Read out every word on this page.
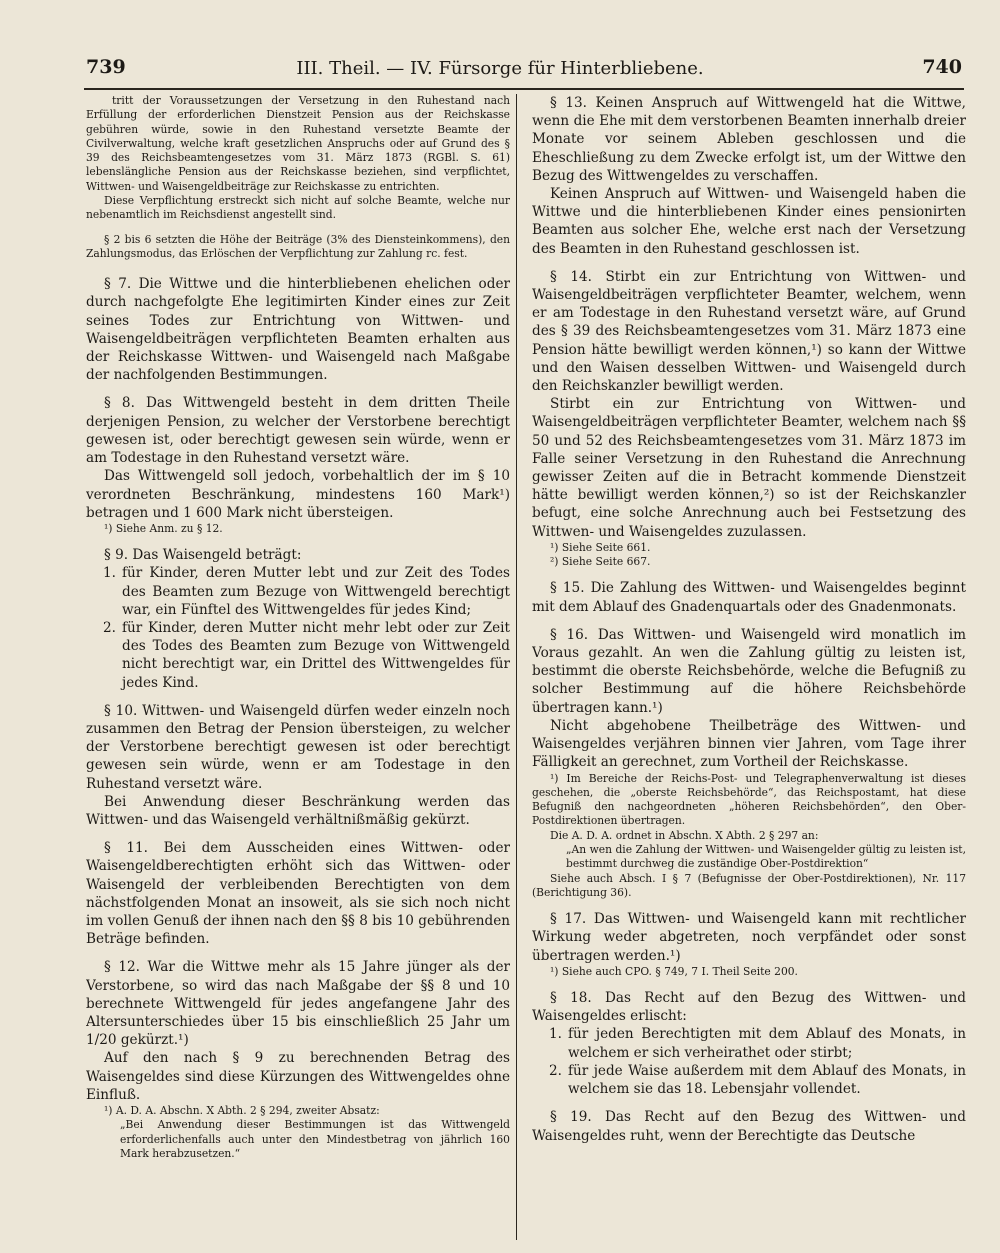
739	III. Theil. — IV. Fürsorge für Hinterbliebene.	740

tritt der Voraussetzungen der Versetzung in den Ruhestand nach Erfüllung der erforderlichen Dienstzeit Pension aus der Reichskasse gebühren würde, sowie in den Ruhestand versetzte Beamte der Civilverwaltung, welche kraft gesetzlichen Anspruchs oder auf Grund des § 39 des Reichsbeamtengesetzes vom 31. März 1873 (RGBl. S. 61) lebenslängliche Pension aus der Reichskasse beziehen, sind verpflichtet, Wittwen- und Waisengeldbeiträge zur Reichskasse zu entrichten.

Diese Verpflichtung erstreckt sich nicht auf solche Beamte, welche nur nebenamtlich im Reichsdienst angestellt sind.

§ 2 bis 6 setzten die Höhe der Beiträge (3% des Diensteinkommens), den Zahlungsmodus, das Erlöschen der Verpflichtung zur Zahlung rc. fest.

§ 7. Die Wittwe und die hinterbliebenen ehelichen oder durch nachgefolgte Ehe legitimirten Kinder eines zur Zeit seines Todes zur Entrichtung von Wittwen- und Waisengeldbeiträgen verpflichteten Beamten erhalten aus der Reichskasse Wittwen- und Waisengeld nach Maßgabe der nachfolgenden Bestimmungen.

§ 8. Das Wittwengeld besteht in dem dritten Theile derjenigen Pension, zu welcher der Verstorbene berechtigt gewesen ist, oder berechtigt gewesen sein würde, wenn er am Todestage in den Ruhestand versetzt wäre.

Das Wittwengeld soll jedoch, vorbehaltlich der im § 10 verordneten Beschränkung, mindestens 160 Mark¹) betragen und 1 600 Mark nicht übersteigen.

¹) Siehe Anm. zu § 12.

§ 9. Das Waisengeld beträgt:

1. für Kinder, deren Mutter lebt und zur Zeit des Todes des Beamten zum Bezuge von Wittwengeld berechtigt war, ein Fünftel des Wittwengeldes für jedes Kind;
2. für Kinder, deren Mutter nicht mehr lebt oder zur Zeit des Todes des Beamten zum Bezuge von Wittwengeld nicht berechtigt war, ein Drittel des Wittwengeldes für jedes Kind.

§ 10. Wittwen- und Waisengeld dürfen weder einzeln noch zusammen den Betrag der Pension übersteigen, zu welcher der Verstorbene berechtigt gewesen ist oder berechtigt gewesen sein würde, wenn er am Todestage in den Ruhestand versetzt wäre.

Bei Anwendung dieser Beschränkung werden das Wittwen- und das Waisengeld verhältnißmäßig gekürzt.

§ 11. Bei dem Ausscheiden eines Wittwen- oder Waisengeldberechtigten erhöht sich das Wittwen- oder Waisengeld der verbleibenden Berechtigten von dem nächstfolgenden Monat an insoweit, als sie sich noch nicht im vollen Genuß der ihnen nach den §§ 8 bis 10 gebührenden Beträge befinden.

§ 12. War die Wittwe mehr als 15 Jahre jünger als der Verstorbene, so wird das nach Maßgabe der §§ 8 und 10 berechnete Wittwengeld für jedes angefangene Jahr des Altersunterschiedes über 15 bis einschließlich 25 Jahr um 1/20 gekürzt.¹)

Auf den nach § 9 zu berechnenden Betrag des Waisengeldes sind diese Kürzungen des Wittwengeldes ohne Einfluß.

¹) A. D. A. Abschn. X Abth. 2 § 294, zweiter Absatz:

„Bei Anwendung dieser Bestimmungen ist das Wittwengeld erforderlichenfalls auch unter den Mindestbetrag von jährlich 160 Mark herabzusetzen.“

§ 13. Keinen Anspruch auf Wittwengeld hat die Wittwe, wenn die Ehe mit dem verstorbenen Beamten innerhalb dreier Monate vor seinem Ableben geschlossen und die Eheschließung zu dem Zwecke erfolgt ist, um der Wittwe den Bezug des Wittwengeldes zu verschaffen.

Keinen Anspruch auf Wittwen- und Waisengeld haben die Wittwe und die hinterbliebenen Kinder eines pensionirten Beamten aus solcher Ehe, welche erst nach der Versetzung des Beamten in den Ruhestand geschlossen ist.

§ 14. Stirbt ein zur Entrichtung von Wittwen- und Waisengeldbeiträgen verpflichteter Beamter, welchem, wenn er am Todestage in den Ruhestand versetzt wäre, auf Grund des § 39 des Reichsbeamtengesetzes vom 31. März 1873 eine Pension hätte bewilligt werden können,¹) so kann der Wittwe und den Waisen desselben Wittwen- und Waisengeld durch den Reichskanzler bewilligt werden.

Stirbt ein zur Entrichtung von Wittwen- und Waisengeldbeiträgen verpflichteter Beamter, welchem nach §§ 50 und 52 des Reichsbeamtengesetzes vom 31. März 1873 im Falle seiner Versetzung in den Ruhestand die Anrechnung gewisser Zeiten auf die in Betracht kommende Dienstzeit hätte bewilligt werden können,²) so ist der Reichskanzler befugt, eine solche Anrechnung auch bei Festsetzung des Wittwen- und Waisengeldes zuzulassen.

¹) Siehe Seite 661.

²) Siehe Seite 667.

§ 15. Die Zahlung des Wittwen- und Waisengeldes beginnt mit dem Ablauf des Gnadenquartals oder des Gnadenmonats.

§ 16. Das Wittwen- und Waisengeld wird monatlich im Voraus gezahlt. An wen die Zahlung gültig zu leisten ist, bestimmt die oberste Reichsbehörde, welche die Befugniß zu solcher Bestimmung auf die höhere Reichsbehörde übertragen kann.¹)

Nicht abgehobene Theilbeträge des Wittwen- und Waisengeldes verjähren binnen vier Jahren, vom Tage ihrer Fälligkeit an gerechnet, zum Vortheil der Reichskasse.

¹) Im Bereiche der Reichs-Post- und Telegraphenverwaltung ist dieses geschehen, die „oberste Reichsbehörde“, das Reichspostamt, hat diese Befugniß den nachgeordneten „höheren Reichsbehörden“, den Ober-Postdirektionen übertragen.

Die A. D. A. ordnet in Abschn. X Abth. 2 § 297 an:

„An wen die Zahlung der Wittwen- und Waisengelder gültig zu leisten ist, bestimmt durchweg die zuständige Ober-Postdirektion“

Siehe auch Absch. I § 7 (Befugnisse der Ober-Postdirektionen), Nr. 117 (Berichtigung 36).

§ 17. Das Wittwen- und Waisengeld kann mit rechtlicher Wirkung weder abgetreten, noch verpfändet oder sonst übertragen werden.¹)

¹) Siehe auch CPO. § 749, 7 I. Theil Seite 200.

§ 18. Das Recht auf den Bezug des Wittwen- und Waisengeldes erlischt:

1. für jeden Berechtigten mit dem Ablauf des Monats, in welchem er sich verheirathet oder stirbt;
2. für jede Waise außerdem mit dem Ablauf des Monats, in welchem sie das 18. Lebensjahr vollendet.

§ 19. Das Recht auf den Bezug des Wittwen- und Waisengeldes ruht, wenn der Berechtigte das Deutsche
